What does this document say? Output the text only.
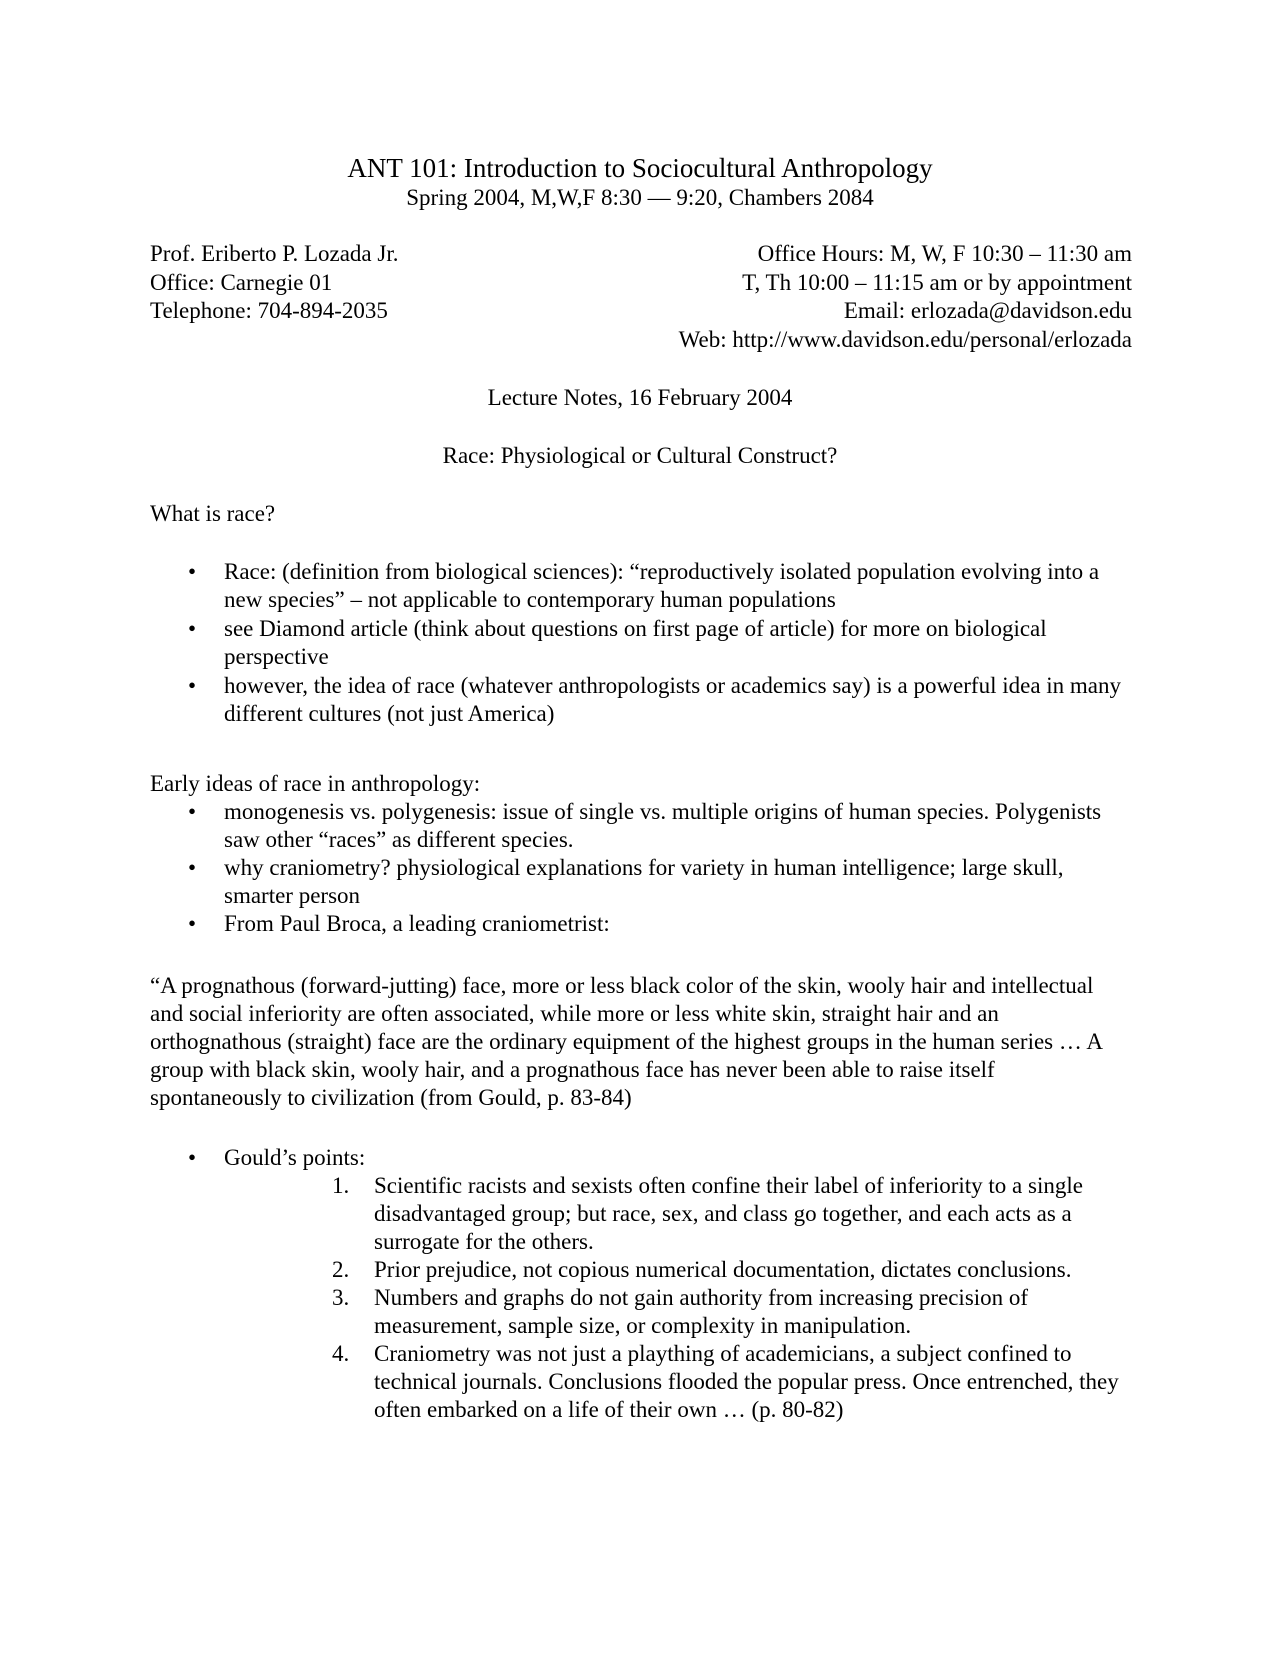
ANT 101: Introduction to Sociocultural Anthropology
Spring 2004, M,W,F 8:30 — 9:20, Chambers 2084
Prof. Eriberto P. Lozada Jr.
Office: Carnegie 01
Telephone: 704-894-2035
Office Hours: M, W, F 10:30 – 11:30 am
T, Th 10:00 – 11:15 am or by appointment
Email: erlozada@davidson.edu
Web: http://www.davidson.edu/personal/erlozada
Lecture Notes, 16 February 2004
Race: Physiological or Cultural Construct?
What is race?
• Race: (definition from biological sciences): “reproductively isolated population evolving into a new species” – not applicable to contemporary human populations
• see Diamond article (think about questions on first page of article) for more on biological perspective
• however, the idea of race (whatever anthropologists or academics say) is a powerful idea in many different cultures (not just America)
Early ideas of race in anthropology:
• monogenesis vs. polygenesis: issue of single vs. multiple origins of human species. Polygenists saw other “races” as different species.
• why craniometry? physiological explanations for variety in human intelligence; large skull, smarter person
• From Paul Broca, a leading craniometrist:
“A prognathous (forward-jutting) face, more or less black color of the skin, wooly hair and intellectual and social inferiority are often associated, while more or less white skin, straight hair and an orthognathous (straight) face are the ordinary equipment of the highest groups in the human series … A group with black skin, wooly hair, and a prognathous face has never been able to raise itself spontaneously to civilization (from Gould, p. 83-84)
• Gould’s points:
1. Scientific racists and sexists often confine their label of inferiority to a single disadvantaged group; but race, sex, and class go together, and each acts as a surrogate for the others.
2. Prior prejudice, not copious numerical documentation, dictates conclusions.
3. Numbers and graphs do not gain authority from increasing precision of measurement, sample size, or complexity in manipulation.
4. Craniometry was not just a plaything of academicians, a subject confined to technical journals. Conclusions flooded the popular press. Once entrenched, they often embarked on a life of their own … (p. 80-82)
